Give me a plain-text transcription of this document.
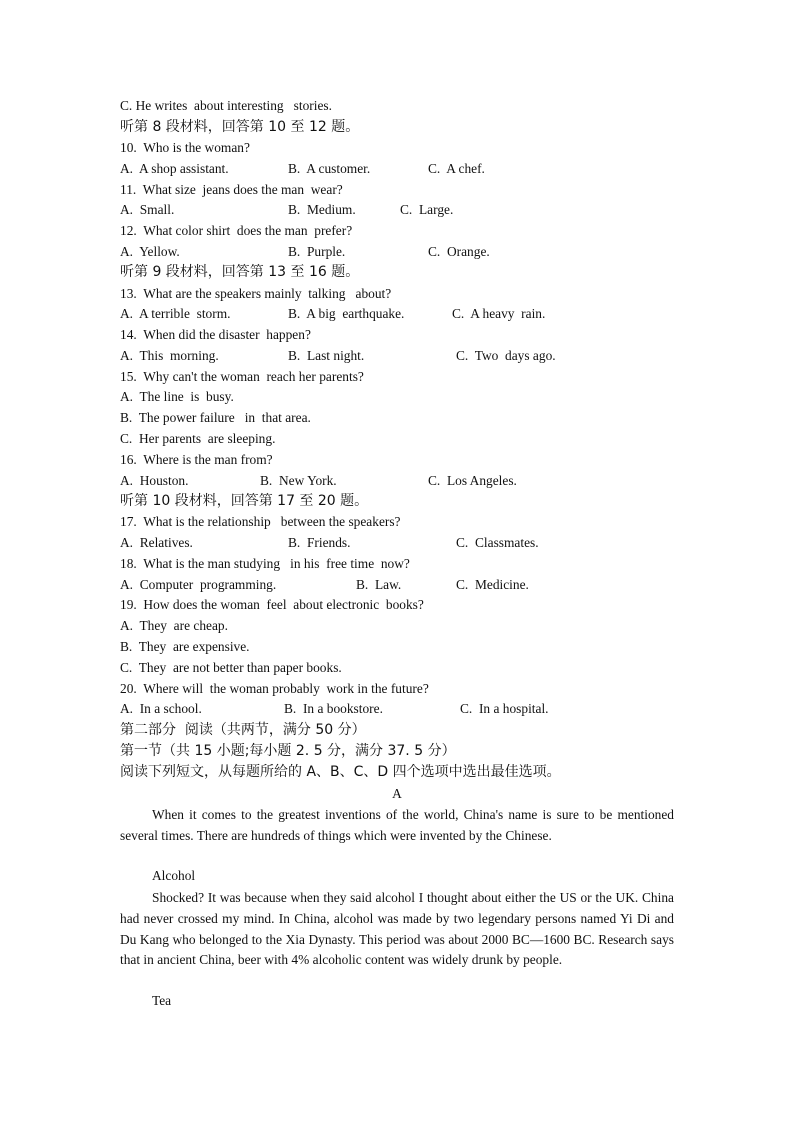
C. He writes  about interesting   stories.
听第 8 段材料，回答第 10 至 12 题。
10.  Who is the woman?
A.  A shop assistant.	B.  A customer.	C.  A chef.
11.  What size  jeans does the man  wear?
A.  Small.	B.  Medium.	C.  Large.
12.  What color shirt  does the man  prefer?
A.  Yellow.	B.  Purple.	C.  Orange.
听第 9 段材料，回答第 13 至 16 题。
13.  What are the speakers mainly  talking   about?
A.  A terrible  storm.	B.  A big  earthquake.	C.  A heavy  rain.
14.  When did the disaster  happen?
A.  This  morning.	B.  Last night.	C.  Two  days ago.
15.  Why can't the woman  reach her parents?
A.  The line  is  busy.
B.  The power failure   in  that area.
C.  Her parents  are sleeping.
16.  Where is the man from?
A.  Houston.	B.  New York.	C.  Los Angeles.
听第 10 段材料，回答第 17 至 20 题。
17.  What is the relationship   between the speakers?
A.  Relatives.	B.  Friends.	C.  Classmates.
18.  What is the man studying   in his  free time  now?
A.  Computer  programming.	B.  Law.	C.  Medicine.
19.  How does the woman  feel  about electronic  books?
A.  They  are cheap.
B.  They  are expensive.
C.  They  are not better than paper books.
20.  Where will  the woman probably  work in the future?
A.  In a school.	B.  In a bookstore.	C.  In a hospital.
第二部分  阅读（共两节，满分 50 分）
第一节（共 15 小题;每小题 2. 5 分，满分 37. 5 分）
阅读下列短文，从每题所给的 A、B、C、D 四个选项中选出最佳选项。
A
When it comes to the greatest inventions of the world, China's name is sure to be mentioned several times. There are hundreds of things which were invented by the Chinese.
Alcohol
Shocked? It was because when they said alcohol I thought about either the US or the UK. China had never crossed my mind. In China, alcohol was made by two legendary persons named Yi Di and Du Kang who belonged to the Xia Dynasty. This period was about 2000 BC—1600 BC. Research says that in ancient China, beer with 4% alcoholic content was widely drunk by people.
Tea
